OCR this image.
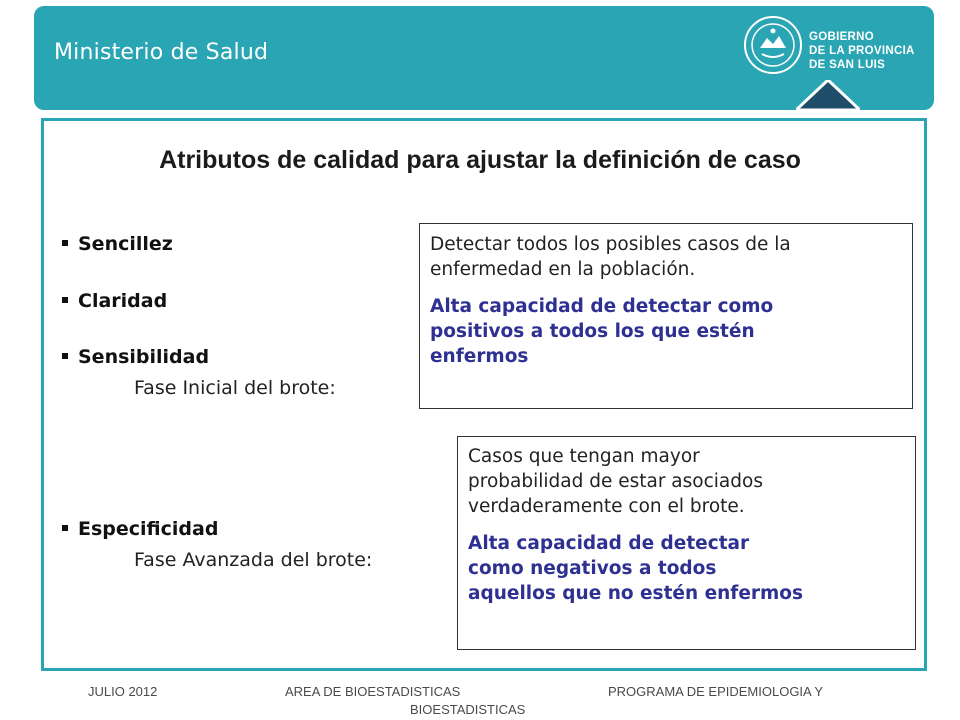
Ministerio de Salud
GOBIERNO
DE LA PROVINCIA
DE SAN LUIS
Atributos de calidad para ajustar la definición de caso
Sencillez
Claridad
Sensibilidad
Fase Inicial del brote:
Especificidad
Fase Avanzada del brote:

Detectar todos los posibles casos de la

enfermedad en la población.

Alta capacidad de detectar como

positivos a todos los que estén

enfermos

Casos que tengan mayor

probabilidad de estar asociados

verdaderamente con el brote.

Alta capacidad de detectar

como negativos a todos

aquellos que no estén enfermos

JULIO 2012	AREA DE BIOESTADISTICAS	PROGRAMA DE EPIDEMIOLOGIA Y
BIOESTADISTICAS
